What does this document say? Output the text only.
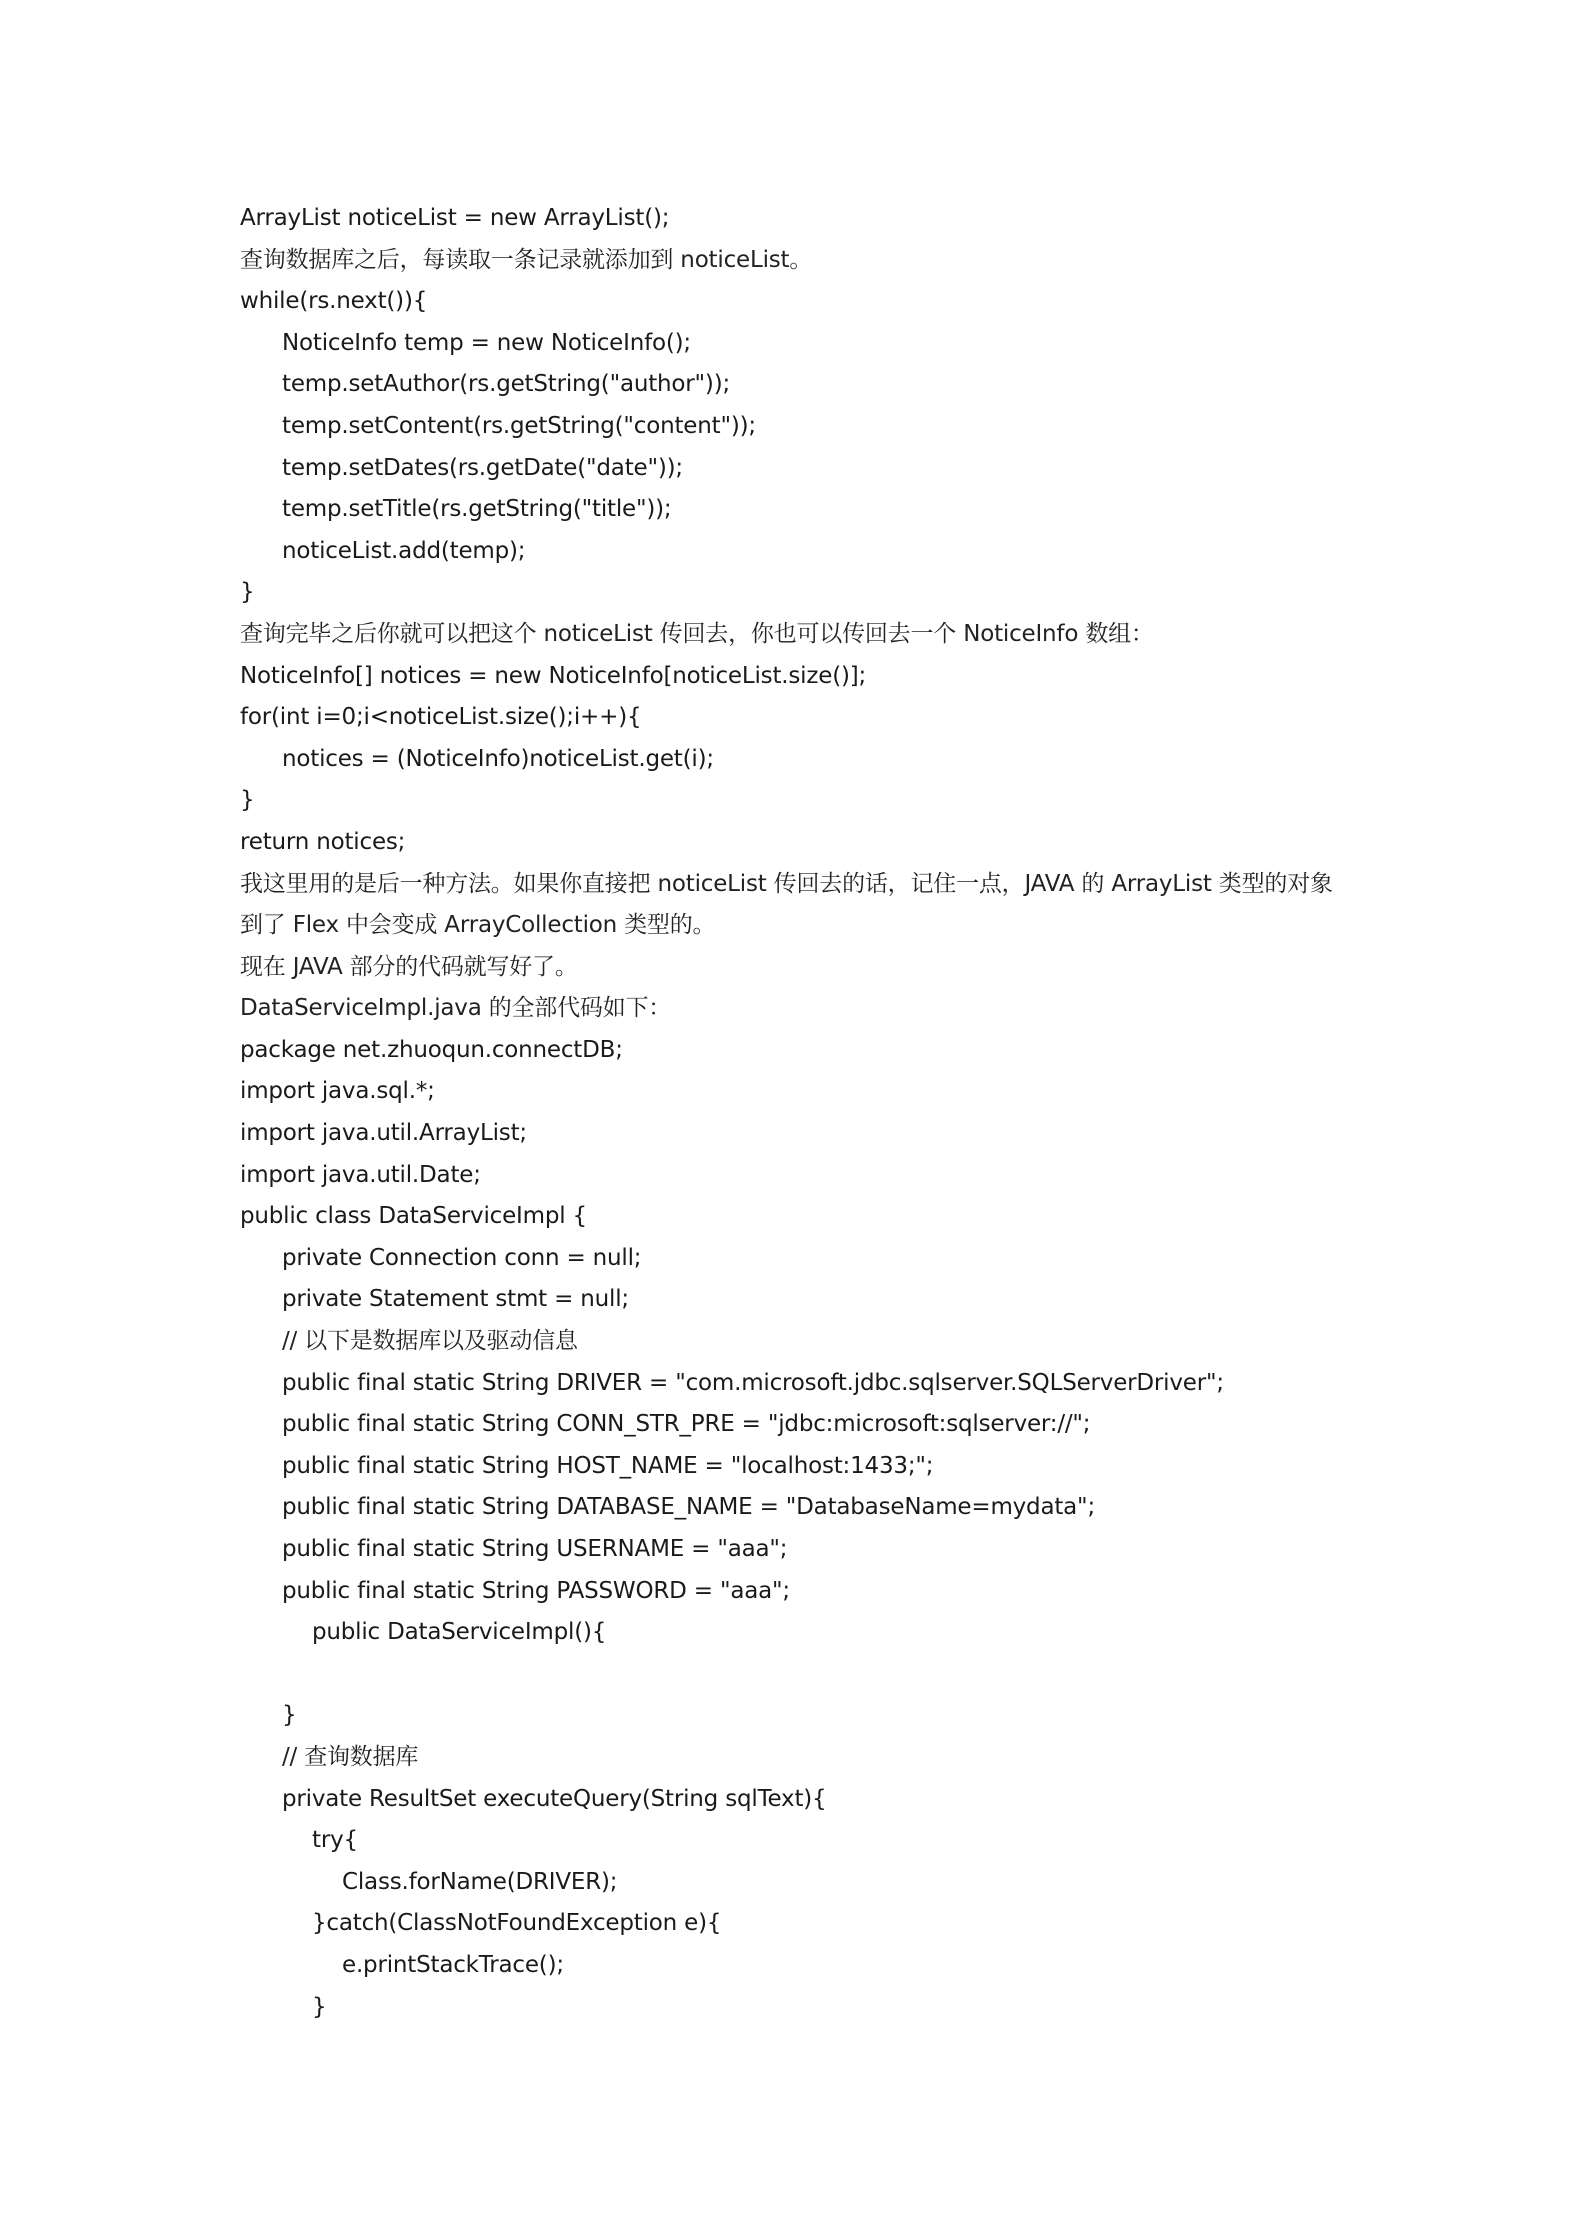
ArrayList noticeList = new ArrayList();
查询数据库之后，每读取一条记录就添加到 noticeList。
while(rs.next()){
NoticeInfo temp = new NoticeInfo();
temp.setAuthor(rs.getString("author"));
temp.setContent(rs.getString("content"));
temp.setDates(rs.getDate("date"));
temp.setTitle(rs.getString("title"));
noticeList.add(temp);
}
查询完毕之后你就可以把这个 noticeList 传回去，你也可以传回去一个 NoticeInfo 数组：
NoticeInfo[] notices = new NoticeInfo[noticeList.size()];
for(int i=0;i<noticeList.size();i++){
notices = (NoticeInfo)noticeList.get(i);
}
return notices;
我这里用的是后一种方法。如果你直接把 noticeList 传回去的话，记住一点，JAVA 的 ArrayList 类型的对象
到了 Flex 中会变成 ArrayCollection 类型的。
现在 JAVA 部分的代码就写好了。
DataServiceImpl.java 的全部代码如下：
package net.zhuoqun.connectDB;
import java.sql.*;
import java.util.ArrayList;
import java.util.Date;
public class DataServiceImpl {
private Connection conn = null;
private Statement stmt = null;
// 以下是数据库以及驱动信息
public final static String DRIVER = "com.microsoft.jdbc.sqlserver.SQLServerDriver";
public final static String CONN_STR_PRE = "jdbc:microsoft:sqlserver://";
public final static String HOST_NAME = "localhost:1433;";
public final static String DATABASE_NAME = "DatabaseName=mydata";
public final static String USERNAME = "aaa";
public final static String PASSWORD = "aaa";
public DataServiceImpl(){
}
// 查询数据库
private ResultSet executeQuery(String sqlText){
try{
Class.forName(DRIVER);
}catch(ClassNotFoundException e){
e.printStackTrace();
}
